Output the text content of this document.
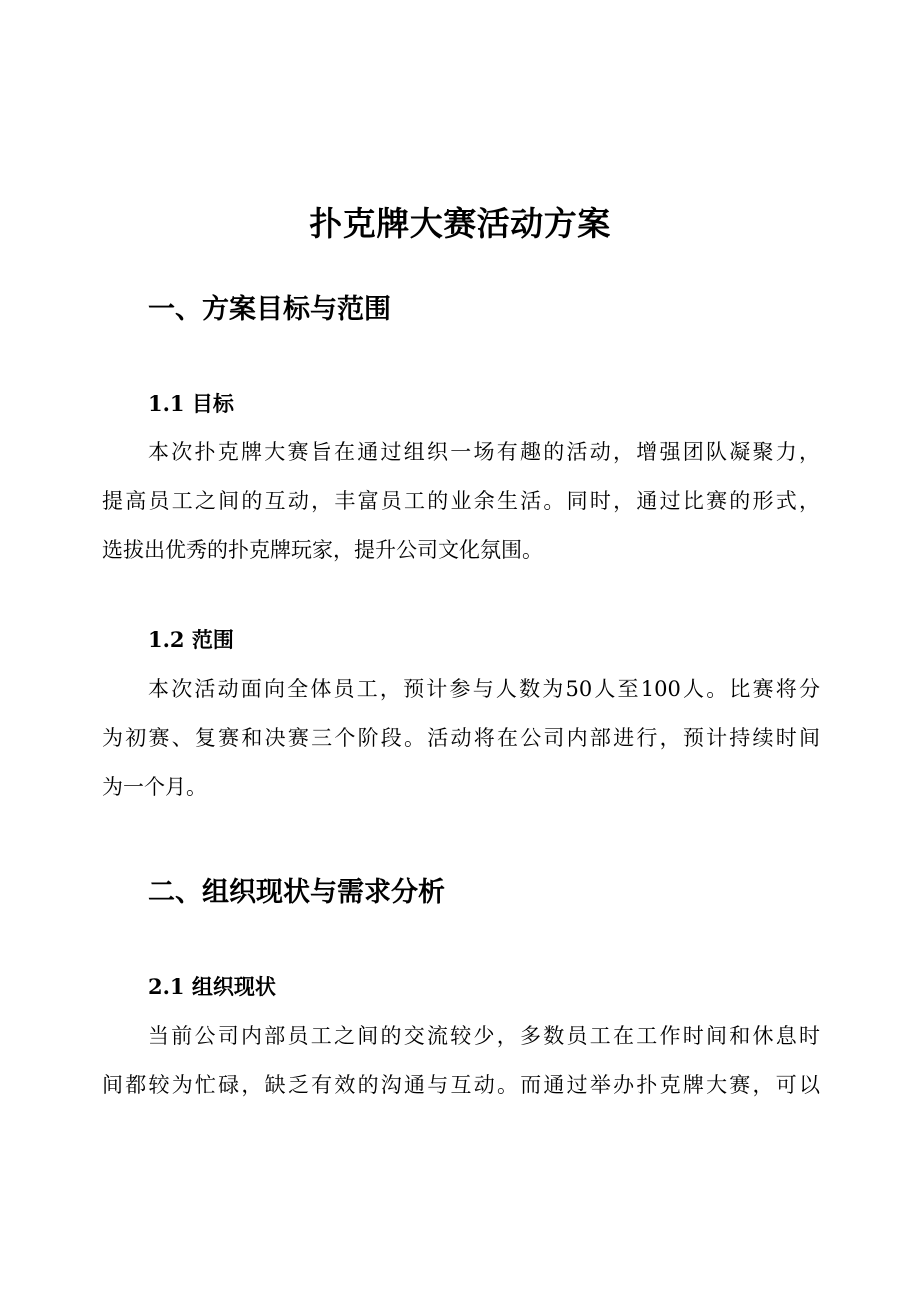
扑克牌大赛活动方案
一、方案目标与范围
1.1 目标
本次扑克牌大赛旨在通过组织一场有趣的活动，增强团队凝聚力，
提高员工之间的互动，丰富员工的业余生活。同时，通过比赛的形式，
选拔出优秀的扑克牌玩家，提升公司文化氛围。
1.2 范围
本次活动面向全体员工，预计参与人数为50人至100人。比赛将分
为初赛、复赛和决赛三个阶段。活动将在公司内部进行，预计持续时间
为一个月。
二、组织现状与需求分析
2.1 组织现状
当前公司内部员工之间的交流较少，多数员工在工作时间和休息时
间都较为忙碌，缺乏有效的沟通与互动。而通过举办扑克牌大赛，可以
